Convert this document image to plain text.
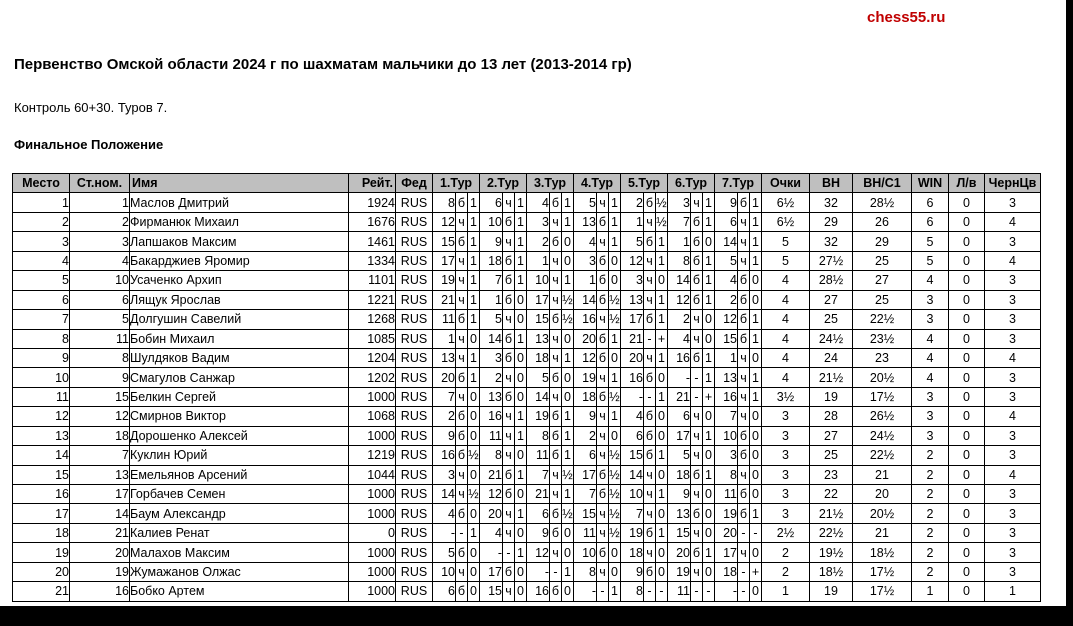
chess55.ru
Первенство Омской области 2024 г по шахматам мальчики до 13 лет (2013-2014 гр)
Контроль 60+30. Туров 7.
Финальное Положение
Место	Ст.ном.	Имя	Рейт.	Фед	1.Тур			2.Тур			3.Тур			4.Тур			5.Тур			6.Тур			7.Тур			Очки	ВН	ВН/С1	WIN	Л/в	ЧернЦв
1	1	Маслов Дмитрий	1924	RUS	8	б	1	6	ч	1	4	б	1	5	ч	1	2	б	½	3	ч	1	9	б	1	6½	32	28½	6	0	3
2	2	Фирманюк Михаил	1676	RUS	12	ч	1	10	б	1	3	ч	1	13	б	1	1	ч	½	7	б	1	6	ч	1	6½	29	26	6	0	4
3	3	Лапшаков Максим	1461	RUS	15	б	1	9	ч	1	2	б	0	4	ч	1	5	б	1	1	б	0	14	ч	1	5	32	29	5	0	3
4	4	Бакарджиев Яромир	1334	RUS	17	ч	1	18	б	1	1	ч	0	3	б	0	12	ч	1	8	б	1	5	ч	1	5	27½	25	5	0	4
5	10	Усаченко Архип	1101	RUS	19	ч	1	7	б	1	10	ч	1	1	б	0	3	ч	0	14	б	1	4	б	0	4	28½	27	4	0	3
6	6	Лящук Ярослав	1221	RUS	21	ч	1	1	б	0	17	ч	½	14	б	½	13	ч	1	12	б	1	2	б	0	4	27	25	3	0	3
7	5	Долгушин Савелий	1268	RUS	11	б	1	5	ч	0	15	б	½	16	ч	½	17	б	1	2	ч	0	12	б	1	4	25	22½	3	0	3
8	11	Бобин Михаил	1085	RUS	1	ч	0	14	б	1	13	ч	0	20	б	1	21	-	+	4	ч	0	15	б	1	4	24½	23½	4	0	3
9	8	Шулдяков Вадим	1204	RUS	13	ч	1	3	б	0	18	ч	1	12	б	0	20	ч	1	16	б	1	1	ч	0	4	24	23	4	0	4
10	9	Смагулов Санжар	1202	RUS	20	б	1	2	ч	0	5	б	0	19	ч	1	16	б	0	-	-	1	13	ч	1	4	21½	20½	4	0	3
11	15	Белкин Сергей	1000	RUS	7	ч	0	13	б	0	14	ч	0	18	б	½	-	-	1	21	-	+	16	ч	1	3½	19	17½	3	0	3
12	12	Смирнов Виктор	1068	RUS	2	б	0	16	ч	1	19	б	1	9	ч	1	4	б	0	6	ч	0	7	ч	0	3	28	26½	3	0	4
13	18	Дорошенко Алексей	1000	RUS	9	б	0	11	ч	1	8	б	1	2	ч	0	6	б	0	17	ч	1	10	б	0	3	27	24½	3	0	3
14	7	Куклин Юрий	1219	RUS	16	б	½	8	ч	0	11	б	1	6	ч	½	15	б	1	5	ч	0	3	б	0	3	25	22½	2	0	3
15	13	Емельянов Арсений	1044	RUS	3	ч	0	21	б	1	7	ч	½	17	б	½	14	ч	0	18	б	1	8	ч	0	3	23	21	2	0	4
16	17	Горбачев Семен	1000	RUS	14	ч	½	12	б	0	21	ч	1	7	б	½	10	ч	1	9	ч	0	11	б	0	3	22	20	2	0	3
17	14	Баум Александр	1000	RUS	4	б	0	20	ч	1	6	б	½	15	ч	½	7	ч	0	13	б	0	19	б	1	3	21½	20½	2	0	3
18	21	Калиев Ренат	0	RUS	-	-	1	4	ч	0	9	б	0	11	ч	½	19	б	1	15	ч	0	20	-	-	2½	22½	21	2	0	3
19	20	Малахов Максим	1000	RUS	5	б	0	-	-	1	12	ч	0	10	б	0	18	ч	0	20	б	1	17	ч	0	2	19½	18½	2	0	3
20	19	Жумажанов Олжас	1000	RUS	10	ч	0	17	б	0	-	-	1	8	ч	0	9	б	0	19	ч	0	18	-	+	2	18½	17½	2	0	3
21	16	Бобко Артем	1000	RUS	6	б	0	15	ч	0	16	б	0	-	-	1	8	-	-	11	-	-	-	-	0	1	19	17½	1	0	1
